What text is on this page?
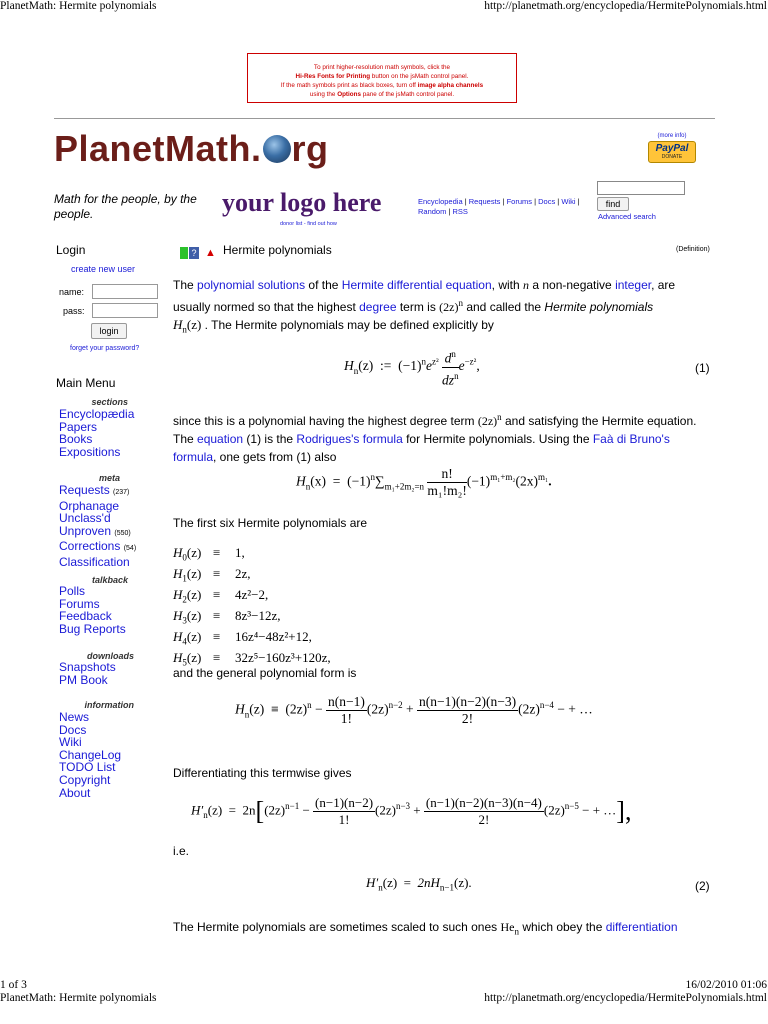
PlanetMath: Hermite polynomials	http://planetmath.org/encyclopedia/HermitePolynomials.html
To print higher-resolution math symbols, click the
Hi-Res Fonts for Printing button on the jsMath control panel.
If the math symbols print as black boxes, turn off image alpha channels
using the Options pane of the jsMath control panel.
PlanetMath. rg	(more info)
PayPal
DONATE
Math for the people, by the people.	your logo here
donor list - find out how
Encyclopedia | Requests | Forums | Docs | Wiki |
Random | RSS
find
Advanced search
Login
create new user
name:
pass:
login
forget your password?
Main Menu
sections
Encyclopædia
Papers
Books
Expositions
meta
Requests (237)
Orphanage
Unclass'd
Unproven (550)
Corrections (54)
Classification
talkback
Polls
Forums
Feedback
Bug Reports
downloads
Snapshots
PM Book
information
News
Docs
Wiki
ChangeLog
TODO List
Copyright
About
? ▲ Hermite polynomials	(Definition)
The polynomial solutions of the Hermite differential equation, with n a non-negative integer, are usually normed so that the highest degree term is $(2z)^n$ and called the Hermite polynomials
$H_n(z)$ . The Hermite polynomials may be defined explicitly by
$H_n(z)$ := $(-1)^ne^{z^2} \frac{d^n}{dz^n} e^{-z^2}$,	(1)
since this is a polynomial having the highest degree term $(2z)^n$ and satisfying the Hermite equation. The equation (1) is the Rodrigues's formula for Hermite polynomials. Using the Faà di Bruno's formula, one gets from (1) also
$H_n(x) = (-1)^n\sum_{m_1+2m_2=n} \frac{n!}{\text{m₁!m₂!}} (-1)^{m_1+m_2}(2x)^{m_1}$.
The first six Hermite polynomials are
$H_0(z) \equiv 1$,
$H_1(z) \equiv 2z$,
$H_2(z) \equiv 4z^2-2$,
$H_3(z) \equiv 8z^3-12z$,
$H_4(z) \equiv 16z^4-48z^2+12$,
$H_5(z) \equiv 32z^5-160z^3+120z$,
and the general polynomial form is
$H_n(z) \equiv (2z)^n - \frac{n(n-1)}{1!} (2z)^{n-2} + \frac{n(n-1)(n-2)(n-3)}{2!} (2z)^{n-4}$ − + …
Differentiating this termwise gives
$H'_n(z) = 2n[(2z)^{n-1} - \frac{(n-1)(n-2)}{1!} (2z)^{n-3} + \frac{(n-1)(n-2)(n-3)(n-4)}{2!} (2z)^{n-5}$ − + …],
i.e.
$H'_n(z) = 2nH_{n-1}(z)$.	(2)
The Hermite polynomials are sometimes scaled to such ones $He_n$ which obey the differentiation
1 of 3	16/02/2010 01:06
PlanetMath: Hermite polynomials	http://planetmath.org/encyclopedia/HermitePolynomials.html
